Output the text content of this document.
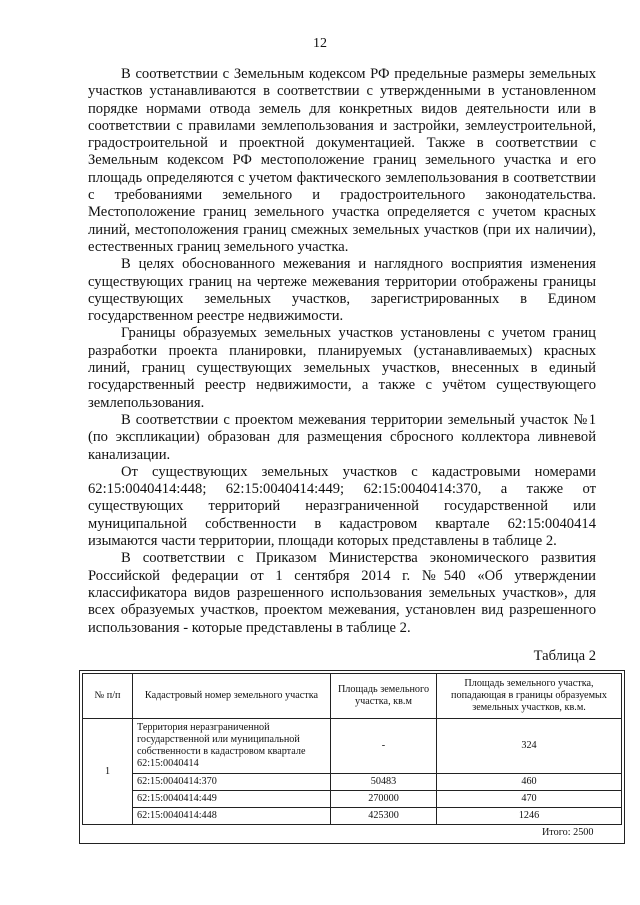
12

В соответствии с Земельным кодексом РФ предельные размеры земельных участков устанавливаются в соответствии с утвержденными в установленном порядке нормами отвода земель для конкретных видов деятельности или в соответствии с правилами землепользования и застройки, землеустроительной, градостроительной и проектной документацией. Также в соответствии с Земельным кодексом РФ местоположение границ земельного участка и его площадь определяются с учетом фактического землепользования в соответствии с требованиями земельного и градостроительного законодательства. Местоположение границ земельного участка определяется с учетом красных линий, местоположения границ смежных земельных участков (при их наличии), естественных границ земельного участка.

В целях обоснованного межевания и наглядного восприятия изменения существующих границ на чертеже межевания территории отображены границы существующих земельных участков, зарегистрированных в Едином государственном реестре недвижимости.

Границы образуемых земельных участков установлены с учетом границ разработки проекта планировки, планируемых (устанавливаемых) красных линий, границ существующих земельных участков, внесенных в единый государственный реестр недвижимости, а также с учётом существующего землепользования.

В соответствии с проектом межевания территории земельный участок №1 (по экспликации) образован для размещения сбросного коллектора ливневой канализации.

От существующих земельных участков с кадастровыми номерами 62:15:0040414:448; 62:15:0040414:449; 62:15:0040414:370, а также от существующих территорий неразграниченной государственной или муниципальной собственности в кадастровом квартале 62:15:0040414 изымаются части территории, площади которых представлены в таблице 2.

В соответствии с Приказом Министерства экономического развития Российской федерации от 1 сентября 2014 г. №540 «Об утверждении классификатора видов разрешенного использования земельных участков», для всех образуемых участков, проектом межевания, установлен вид разрешенного использования - которые представлены в таблице 2.

Таблица 2
№ п/п	Кадастровый номер земельного участка	Площадь земельного участка, кв.м	Площадь земельного участка, попадающая в границы образуемых земельных участков, кв.м.
1	Территория неразграниченной государственной или муниципальной собственности в кадастровом квартале 62:15:0040414	-	324
	62:15:0040414:370	50483	460
	62:15:0040414:449	270000	470
	62:15:0040414:448	425300	1246
Итого: 2500			
